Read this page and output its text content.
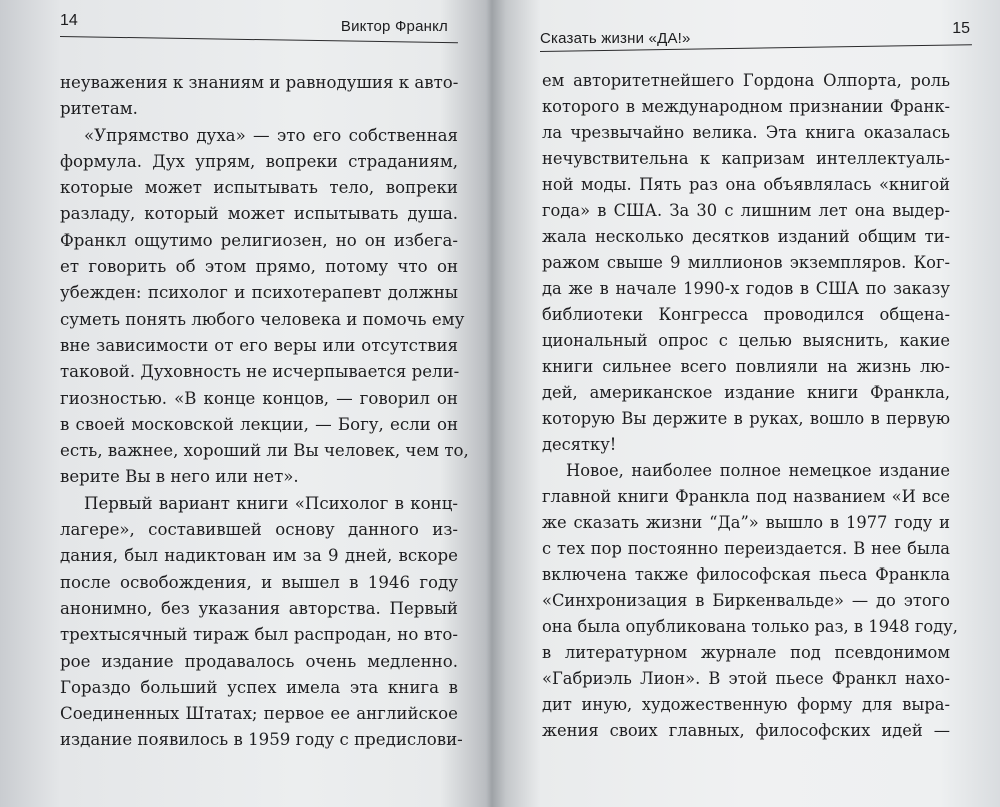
14	Виктор Франкл
неуважения к знаниям и равнодушия к авто-
ритетам.
«Упрямство духа» — это его собственная
формула. Дух упрям, вопреки страданиям,
которые может испытывать тело, вопреки
разладу, который может испытывать душа.
Франкл ощутимо религиозен, но он избега-
ет говорить об этом прямо, потому что он
убежден: психолог и психотерапевт должны
суметь понять любого человека и помочь ему
вне зависимости от его веры или отсутствия
таковой. Духовность не исчерпывается рели-
гиозностью. «В конце концов, — говорил он
в своей московской лекции, — Богу, если он
есть, важнее, хороший ли Вы человек, чем то,
верите Вы в него или нет».
Первый вариант книги «Психолог в конц-
лагере», составившей основу данного из-
дания, был надиктован им за 9 дней, вскоре
после освобождения, и вышел в 1946 году
анонимно, без указания авторства. Первый
трехтысячный тираж был распродан, но вто-
рое издание продавалось очень медленно.
Гораздо больший успех имела эта книга в
Соединенных Штатах; первое ее английское
издание появилось в 1959 году с предислови-
Сказать жизни «ДА!»
15
ем авторитетнейшего Гордона Олпорта, роль
которого в международном признании Франк-
ла чрезвычайно велика. Эта книга оказалась
нечувствительна к капризам интеллектуаль-
ной моды. Пять раз она объявлялась «книгой
года» в США. За 30 с лишним лет она выдер-
жала несколько десятков изданий общим ти-
ражом свыше 9 миллионов экземпляров. Ког-
да же в начале 1990-х годов в США по заказу
библиотеки Конгресса проводился общена-
циональный опрос с целью выяснить, какие
книги сильнее всего повлияли на жизнь лю-
дей, американское издание книги Франкла,
которую Вы держите в руках, вошло в первую
десятку!
Новое, наиболее полное немецкое издание
главной книги Франкла под названием «И все
же сказать жизни “Да”» вышло в 1977 году и
с тех пор постоянно переиздается. В нее была
включена также философская пьеса Франкла
«Синхронизация в Биркенвальде» — до этого
она была опубликована только раз, в 1948 году,
в литературном журнале под псевдонимом
«Габриэль Лион». В этой пьесе Франкл нахо-
дит иную, художественную форму для выра-
жения своих главных, философских идей —
